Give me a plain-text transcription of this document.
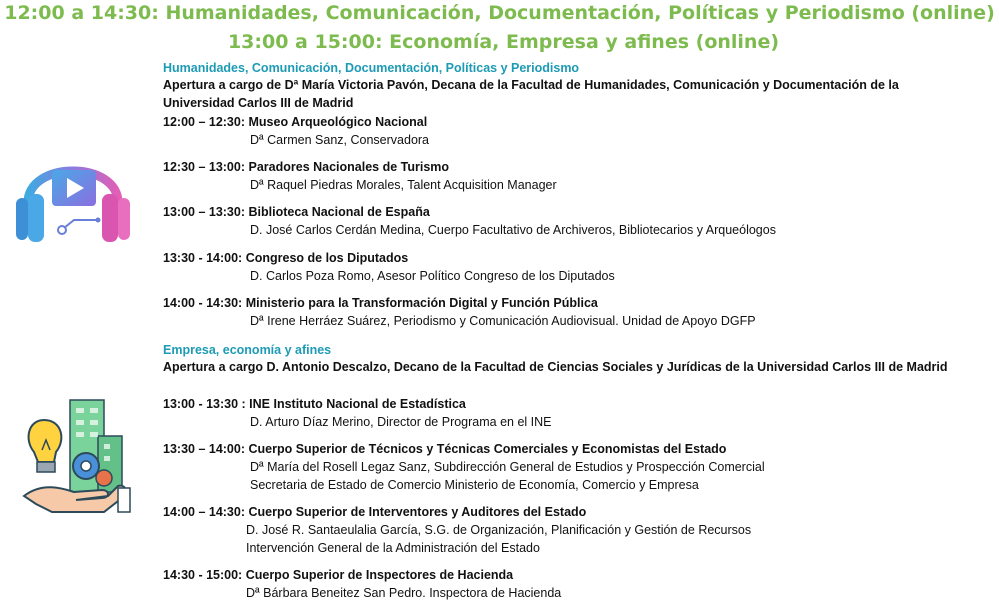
12:00 a 14:30: Humanidades, Comunicación, Documentación, Políticas y Periodismo (online)
13:00 a 15:00: Economía, Empresa y afines (online)
Humanidades, Comunicación, Documentación, Políticas y Periodismo
Apertura a cargo de Dª María Victoria Pavón, Decana de la Facultad de Humanidades, Comunicación y Documentación de la Universidad Carlos III de Madrid
12:00 – 12:30: Museo Arqueológico Nacional
Dª Carmen Sanz, Conservadora
12:30 – 13:00: Paradores Nacionales de Turismo
Dª Raquel Piedras Morales, Talent Acquisition Manager
13:00 – 13:30: Biblioteca Nacional de España
D. José Carlos Cerdán Medina, Cuerpo Facultativo de Archiveros, Bibliotecarios y Arqueólogos
13:30 - 14:00: Congreso de los Diputados
D. Carlos Poza Romo, Asesor Político Congreso de los Diputados
14:00 - 14:30: Ministerio para la Transformación Digital y Función Pública
Dª Irene Herráez Suárez, Periodismo y Comunicación Audiovisual. Unidad de Apoyo DGFP
Empresa, economía y afines
Apertura a cargo D. Antonio Descalzo, Decano de la Facultad de Ciencias Sociales y Jurídicas de la Universidad Carlos III de Madrid
13:00 - 13:30 : INE Instituto Nacional de Estadística
D. Arturo Díaz Merino, Director de Programa en el INE
13:30 – 14:00: Cuerpo Superior de Técnicos y Técnicas Comerciales y Economistas del Estado
Dª María del Rosell Legaz Sanz, Subdirección General de Estudios y Prospección Comercial
Secretaria de Estado de Comercio Ministerio de Economía, Comercio y Empresa
14:00 – 14:30: Cuerpo Superior de Interventores y Auditores del Estado
D. José R. Santaeulalia García, S.G. de Organización, Planificación y Gestión de Recursos
Intervención General de la Administración del Estado
14:30 - 15:00: Cuerpo Superior de Inspectores de Hacienda
Dª Bárbara Beneitez San Pedro. Inspectora de Hacienda
